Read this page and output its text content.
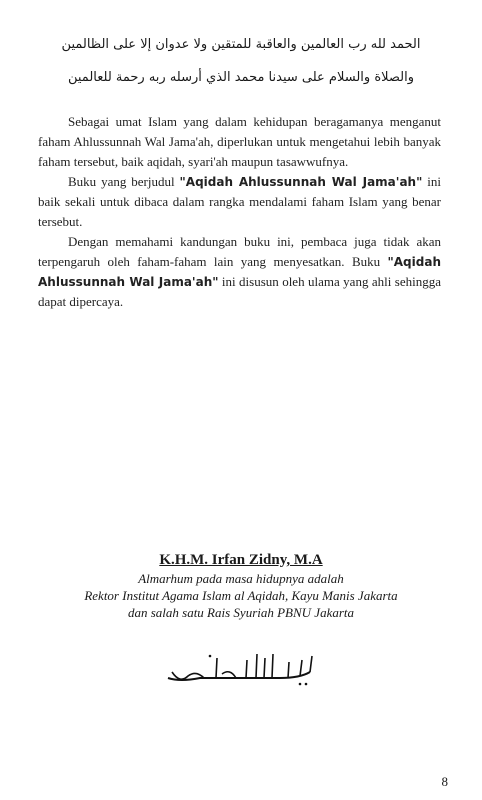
الحمد لله رب العالمين والعاقبة للمتقين ولا عدوان إلا على الظالمين
والصلاة والسلام على سيدنا محمد الذي أرسله ربه رحمة للعالمين

Sebagai umat Islam yang dalam kehidupan beragamanya menganut faham Ahlussunnah Wal Jama'ah, diperlukan untuk mengetahui lebih banyak faham tersebut, baik aqidah, syari'ah maupun tasawwufnya.

Buku yang berjudul "Aqidah Ahlussunnah Wal Jama'ah" ini baik sekali untuk dibaca dalam rangka mendalami faham Islam yang benar tersebut.

Dengan memahami kandungan buku ini, pembaca juga tidak akan terpengaruh oleh faham-faham lain yang menyesatkan. Buku "Aqidah Ahlussunnah Wal Jama'ah" ini disusun oleh ulama yang ahli sehingga dapat dipercaya.

K.H.M. Irfan Zidny, M.A
Almarhum pada masa hidupnya adalah
Rektor Institut Agama Islam al Aqidah, Kayu Manis Jakarta
dan salah satu Rais Syuriah PBNU Jakarta
8
